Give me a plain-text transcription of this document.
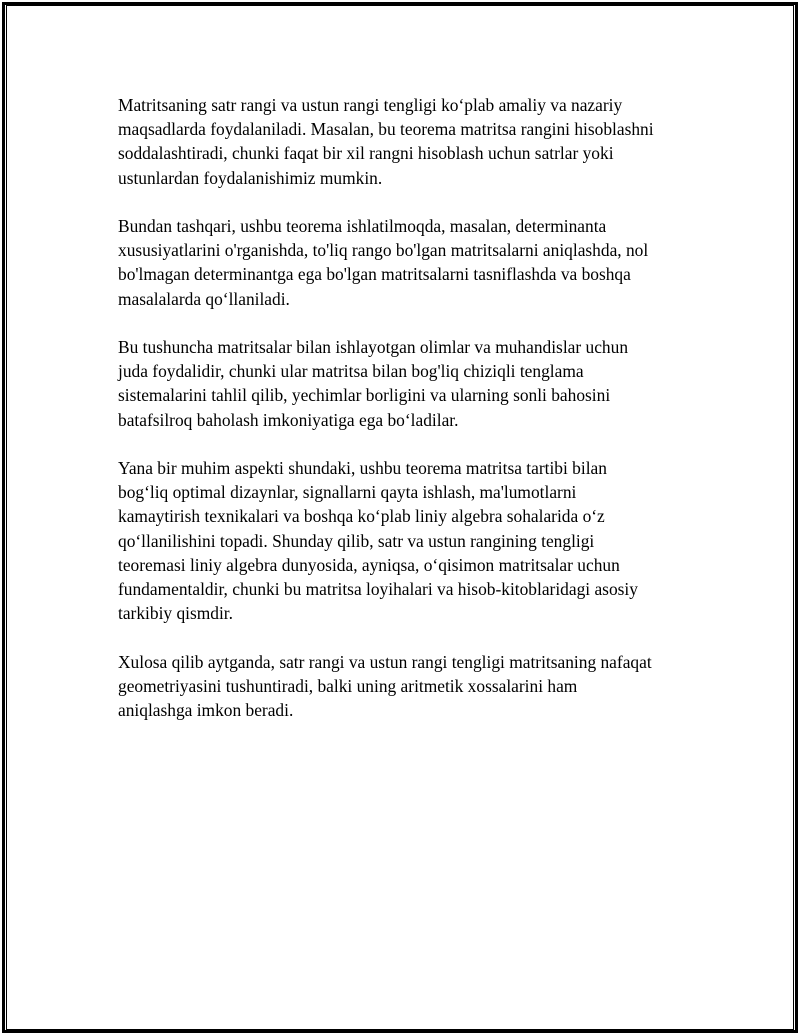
Matritsaning satr rangi va ustun rangi tengligi ko‘plab amaliy va nazariy
maqsadlarda foydalaniladi. Masalan, bu teorema matritsa rangini hisoblashni
soddalashtiradi, chunki faqat bir xil rangni hisoblash uchun satrlar yoki
ustunlardan foydalanishimiz mumkin.

Bundan tashqari, ushbu teorema ishlatilmoqda, masalan, determinanta
xususiyatlarini o'rganishda, to'liq rango bo'lgan matritsalarni aniqlashda, nol
bo'lmagan determinantga ega bo'lgan matritsalarni tasniflashda va boshqa
masalalarda qo‘llaniladi.

Bu tushuncha matritsalar bilan ishlayotgan olimlar va muhandislar uchun
juda foydalidir, chunki ular matritsa bilan bog'liq chiziqli tenglama
sistemalarini tahlil qilib, yechimlar borligini va ularning sonli bahosini
batafsilroq baholash imkoniyatiga ega bo‘ladilar.

Yana bir muhim aspekti shundaki, ushbu teorema matritsa tartibi bilan
bog‘liq optimal dizaynlar, signallarni qayta ishlash, ma'lumotlarni
kamaytirish texnikalari va boshqa ko‘plab liniy algebra sohalarida o‘z
qo‘llanilishini topadi. Shunday qilib, satr va ustun rangining tengligi
teoremasi liniy algebra dunyosida, ayniqsa, o‘qisimon matritsalar uchun
fundamentaldir, chunki bu matritsa loyihalari va hisob-kitoblaridagi asosiy
tarkibiy qismdir.

Xulosa qilib aytganda, satr rangi va ustun rangi tengligi matritsaning nafaqat
geometriyasini tushuntiradi, balki uning aritmetik xossalarini ham
aniqlashga imkon beradi.
